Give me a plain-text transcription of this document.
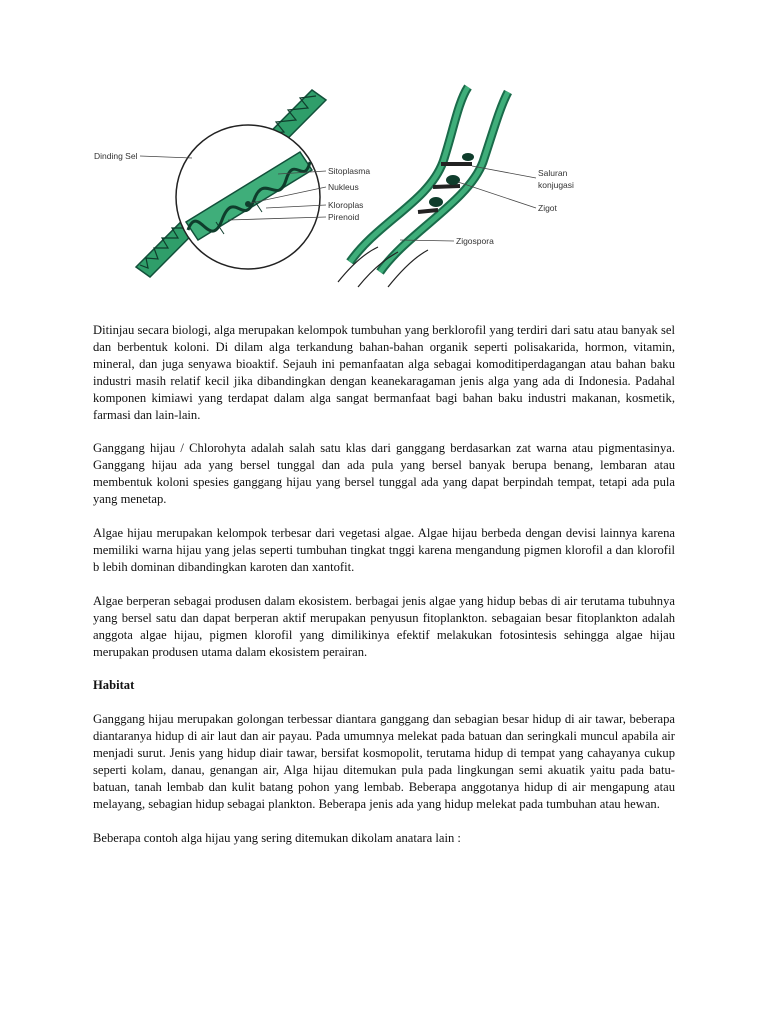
Dinding Sel
Sitoplasma
Nukleus
Kloroplas
Pirenoid
Saluran
konjugasi
Zigot
Zigospora

Ditinjau secara biologi, alga merupakan kelompok tumbuhan yang berklorofil yang terdiri dari satu atau banyak sel dan berbentuk koloni. Di dilam alga terkandung bahan-bahan organik seperti polisakarida, hormon, vitamin, mineral, dan juga senyawa bioaktif. Sejauh ini pemanfaatan alga sebagai komoditiperdagangan atau bahan baku industri masih relatif kecil jika dibandingkan dengan keanekaragaman jenis alga yang ada di Indonesia. Padahal komponen kimiawi yang terdapat dalam alga sangat bermanfaat bagi bahan baku industri makanan, kosmetik, farmasi dan lain-lain.

Ganggang hijau / Chlorohyta adalah salah satu klas dari ganggang berdasarkan zat warna atau pigmentasinya. Ganggang hijau ada yang bersel tunggal dan ada pula yang bersel banyak berupa benang, lembaran atau membentuk koloni spesies ganggang hijau yang bersel tunggal ada yang dapat berpindah tempat, tetapi ada pula yang menetap.

Algae hijau merupakan kelompok terbesar dari vegetasi algae. Algae hijau berbeda dengan devisi lainnya karena memiliki warna hijau yang jelas seperti tumbuhan tingkat tnggi karena mengandung pigmen klorofil a dan klorofil b lebih dominan dibandingkan karoten dan xantofit.

Algae berperan sebagai produsen dalam ekosistem. berbagai jenis algae yang hidup bebas di air terutama tubuhnya yang bersel satu dan dapat berperan aktif merupakan penyusun fitoplankton. sebagaian besar fitoplankton adalah anggota algae hijau, pigmen klorofil yang dimilikinya efektif melakukan fotosintesis sehingga algae hijau merupakan produsen utama dalam ekosistem perairan.

Habitat

Ganggang hijau merupakan golongan terbessar diantara ganggang dan sebagian besar hidup di air tawar, beberapa diantaranya hidup di air laut dan air payau. Pada umumnya melekat pada batuan dan seringkali muncul apabila air menjadi surut. Jenis yang hidup diair tawar, bersifat kosmopolit, terutama hidup di tempat yang cahayanya cukup seperti kolam, danau, genangan air, Alga hijau ditemukan pula pada lingkungan semi akuatik yaitu pada batu-batuan, tanah lembab dan kulit batang pohon yang lembab. Beberapa anggotanya hidup di air mengapung atau melayang, sebagian hidup sebagai plankton. Beberapa jenis ada yang hidup melekat pada tumbuhan atau hewan.

Beberapa contoh alga hijau yang sering ditemukan dikolam anatara lain :
